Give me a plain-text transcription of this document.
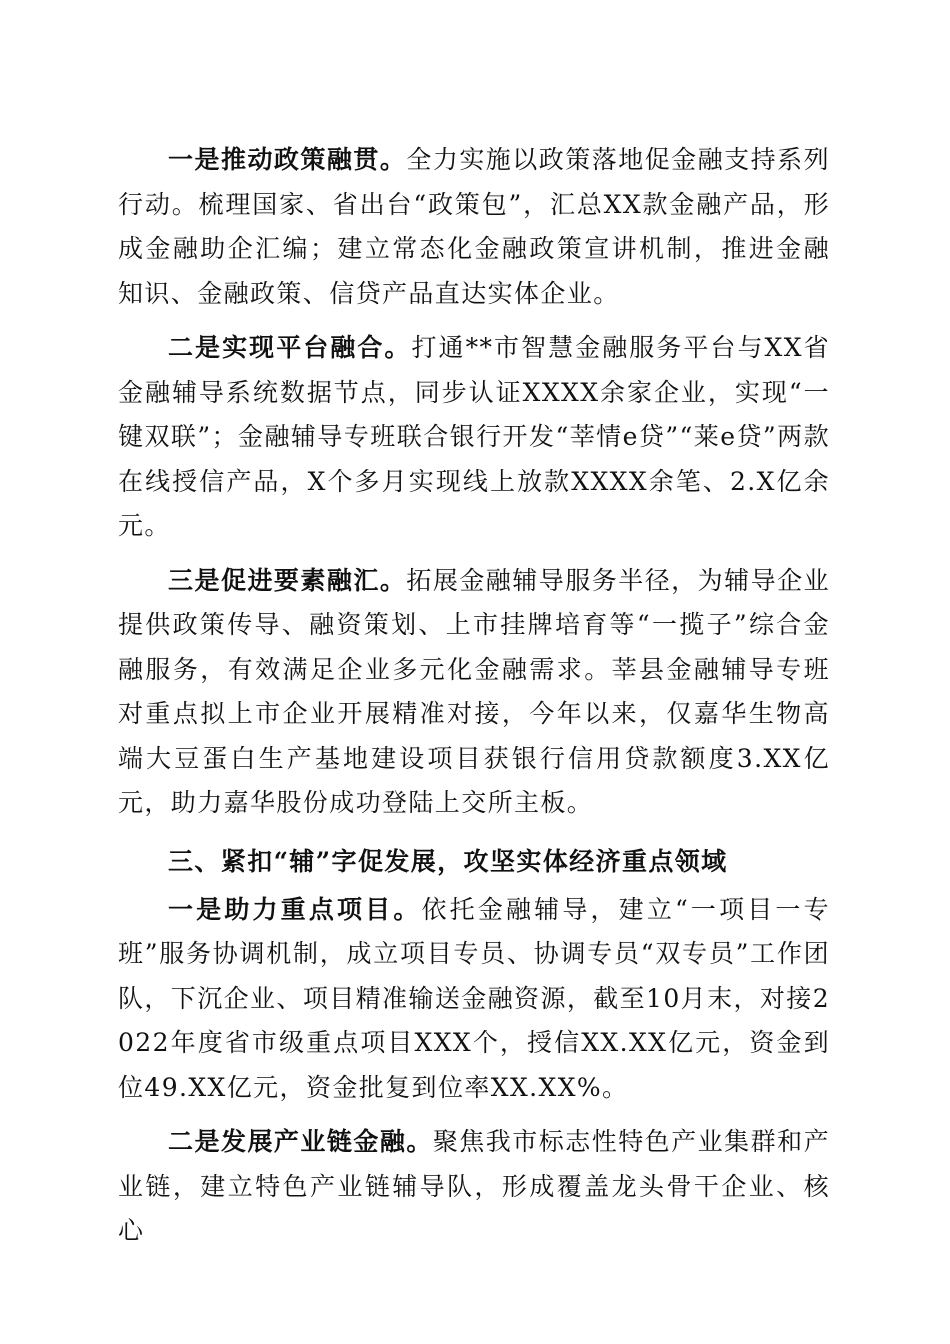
一是推动政策融贯。全力实施以政策落地促金融支持系列行动。梳理国家、省出台“政策包”，汇总XX款金融产品，形成金融助企汇编；建立常态化金融政策宣讲机制，推进金融知识、金融政策、信贷产品直达实体企业。

二是实现平台融合。打通**市智慧金融服务平台与XX省金融辅导系统数据节点，同步认证XXXX余家企业，实现“一键双联”；金融辅导专班联合银行开发“莘情e贷”“莱e贷”两款在线授信产品，X个多月实现线上放款XXXX余笔、2.X亿余元。

三是促进要素融汇。拓展金融辅导服务半径，为辅导企业提供政策传导、融资策划、上市挂牌培育等“一揽子”综合金融服务，有效满足企业多元化金融需求。莘县金融辅导专班对重点拟上市企业开展精准对接，今年以来，仅嘉华生物高端大豆蛋白生产基地建设项目获银行信用贷款额度3.XX亿元，助力嘉华股份成功登陆上交所主板。

三、紧扣“辅”字促发展，攻坚实体经济重点领域

一是助力重点项目。依托金融辅导，建立“一项目一专班”服务协调机制，成立项目专员、协调专员“双专员”工作团队，下沉企业、项目精准输送金融资源，截至10月末，对接2022年度省市级重点项目XXX个，授信XX.XX亿元，资金到位49.XX亿元，资金批复到位率XX.XX%。

二是发展产业链金融。聚焦我市标志性特色产业集群和产业链，建立特色产业链辅导队，形成覆盖龙头骨干企业、核心
